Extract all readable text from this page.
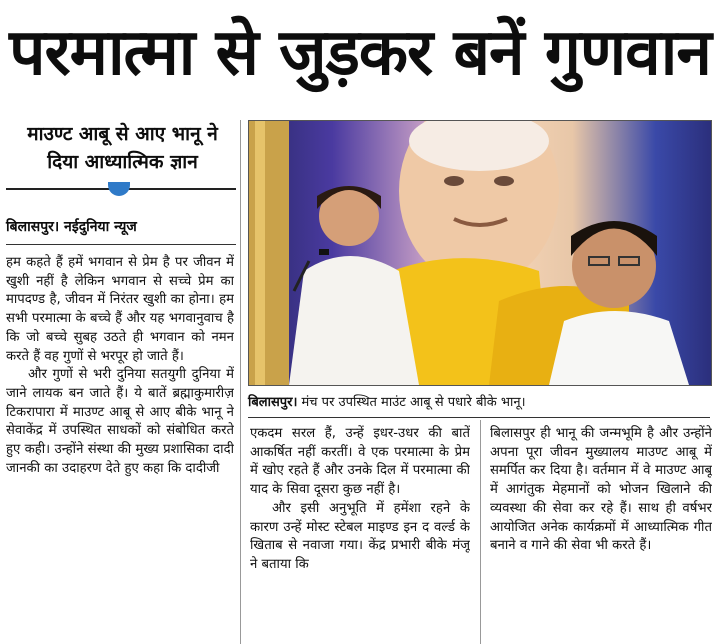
परमात्मा से जुड़कर बनें गुणवान
माउण्ट आबू से आए भानू ने दिया आध्यात्मिक ज्ञान
बिलासपुर। नईदुनिया न्यूज

हम कहते हैं हमें भगवान से प्रेम है पर जीवन में खुशी नहीं है लेकिन भगवान से सच्चे प्रेम का मापदण्ड है, जीवन में निरंतर खुशी का होना। हम सभी परमात्मा के बच्चे हैं और यह भगवानुवाच है कि जो बच्चे सुबह उठते ही भगवान को नमन करते हैं वह गुणों से भरपूर हो जाते हैं।

और गुणों से भरी दुनिया सतयुगी दुनिया में जाने लायक बन जाते हैं। ये बातें ब्रह्माकुमारीज़ टिकरापारा में माउण्ट आबू से आए बीके भानू ने सेवाकेंद्र में उपस्थित साधकों को संबोधित करते हुए कही। उन्होंने संस्था की मुख्य प्रशासिका दादी जानकी का उदाहरण देते हुए कहा कि दादीजी

बिलासपुर। मंच पर उपस्थित माउंट आबू से पधारे बीके भानू।

एकदम सरल हैं, उन्हें इधर-उधर की बातें आकर्षित नहीं करतीं। वे एक परमात्मा के प्रेम में खोए रहते हैं और उनके दिल में परमात्मा की याद के सिवा दूसरा कुछ नहीं है।

और इसी अनुभूति में हमेंशा रहने के कारण उन्हें मोस्ट स्टेबल माइण्ड इन द वर्ल्ड के खिताब से नवाजा गया। केंद्र प्रभारी बीके मंजू ने बताया कि

बिलासपुर ही भानू की जन्मभूमि है और उन्होंने अपना पूरा जीवन मुख्यालय माउण्ट आबू में समर्पित कर दिया है। वर्तमान में वे माउण्ट आबू में आगंतुक मेहमानों को भोजन खिलाने की व्यवस्था की सेवा कर रहे हैं। साथ ही वर्षभर आयोजित अनेक कार्यक्रमों में आध्यात्मिक गीत बनाने व गाने की सेवा भी करते हैं।
